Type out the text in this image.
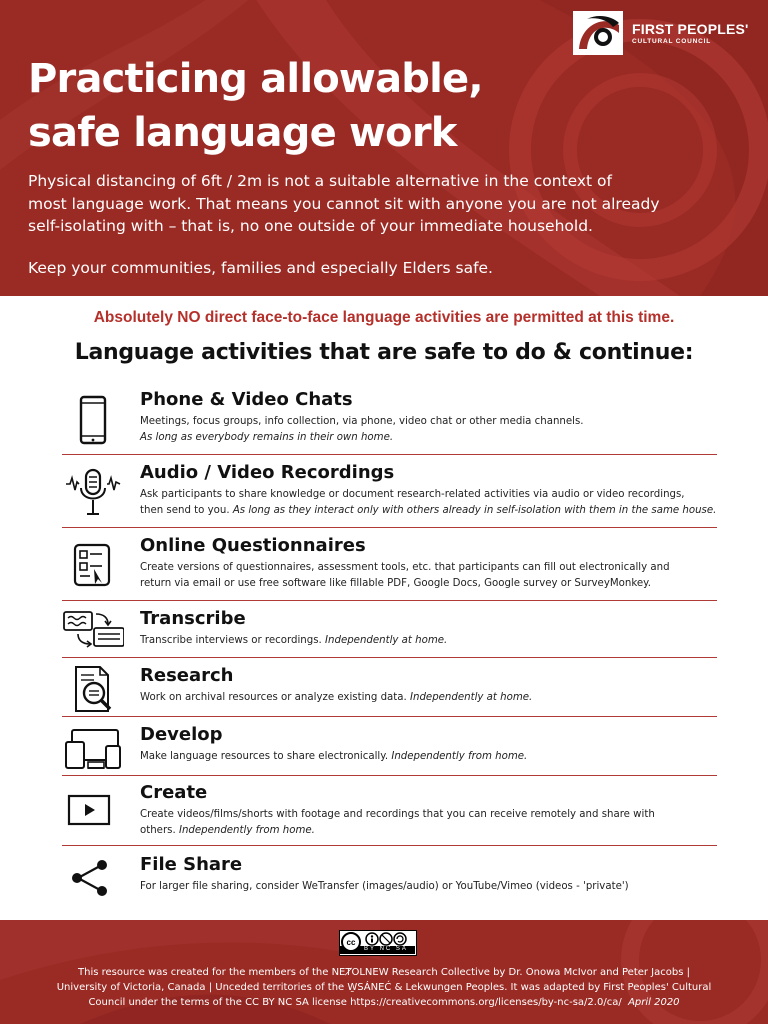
FIRST PEOPLES'
CULTURAL COUNCIL
Practicing allowable,
safe language work
Physical distancing of 6ft / 2m is not a suitable alternative in the context of
most language work. That means you cannot sit with anyone you are not already
self-isolating with – that is, no one outside of your immediate household.
Keep your communities, families and especially Elders safe.
Absolutely NO direct face-to-face language activities are permitted at this time.
Language activities that are safe to do & continue:
Phone & Video Chats
Meetings, focus groups, info collection, via phone, video chat or other media channels.
As long as everybody remains in their own home.
Audio / Video Recordings
Ask participants to share knowledge or document research-related activities via audio or video recordings,
then send to you. As long as they interact only with others already in self-isolation with them in the same house.
Online Questionnaires
Create versions of questionnaires, assessment tools, etc. that participants can fill out electronically and
return via email or use free software like fillable PDF, Google Docs, Google survey or SurveyMonkey.
Transcribe
Transcribe interviews or recordings. Independently at home.
Research
Work on archival resources or analyze existing data. Independently at home.
Develop
Make language resources to share electronically. Independently from home.
Create
Create videos/films/shorts with footage and recordings that you can receive remotely and share with
others. Independently from home.
File Share
For larger file sharing, consider WeTransfer (images/audio) or YouTube/Vimeo (videos - 'private')
cc
BY NC SA
This resource was created for the members of the NEȾOLNEW Research Collective by Dr. Onowa McIvor and Peter Jacobs |
University of Victoria, Canada | Unceded territories of the W̱SÁNEĆ & Lekwungen Peoples. It was adapted by First Peoples' Cultural
Council under the terms of the CC BY NC SA license https://creativecommons.org/licenses/by-nc-sa/2.0/ca/ April 2020
